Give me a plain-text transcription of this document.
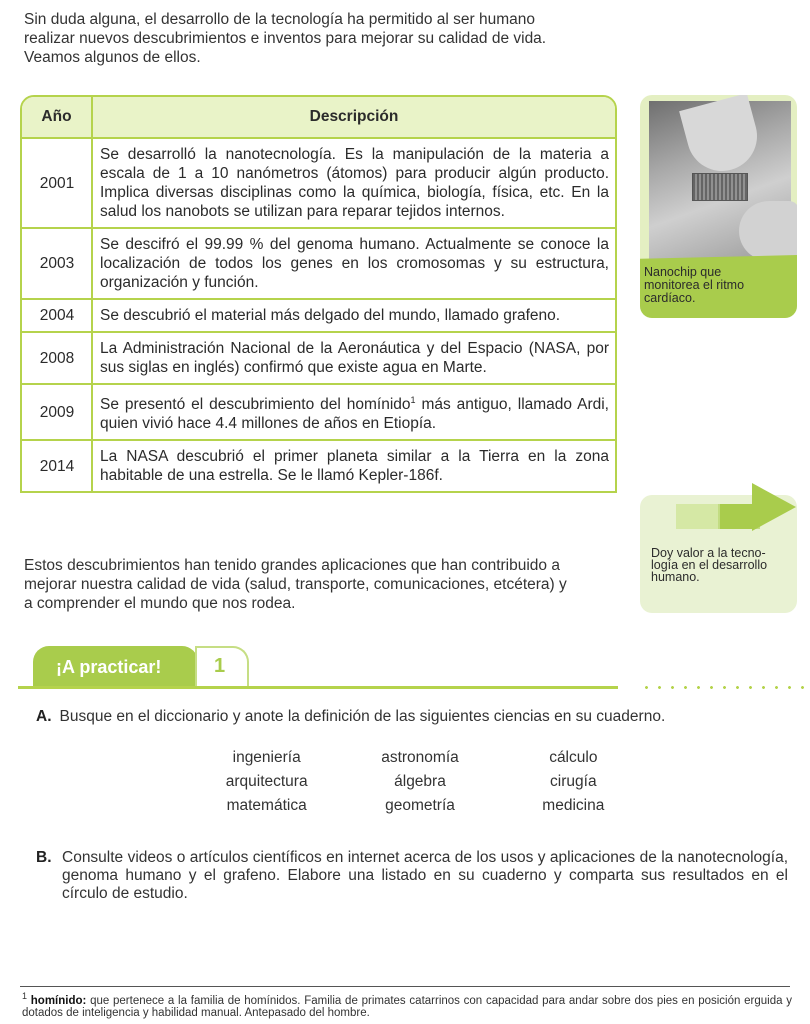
Sin duda alguna, el desarrollo de la tecnología ha permitido al ser humano
realizar nuevos descubrimientos e inventos para mejorar su calidad de vida.
Veamos algunos de ellos.
Año	Descripción
2001	Se desarrolló la nanotecnología. Es la manipulación de la materia a escala de 1 a 10 nanómetros (átomos) para producir algún producto. Implica diversas disciplinas como la química, biología, física, etc. En la salud los nanobots se utilizan para reparar tejidos internos.
2003	Se descifró el 99.99 % del genoma humano. Actualmente se conoce la localización de todos los genes en los cromosomas y su estructura, organización y función.
2004	Se descubrió el material más delgado del mundo, llamado grafeno.
2008	La Administración Nacional de la Aeronáutica y del Espacio (NASA, por sus siglas en inglés) confirmó que existe agua en Marte.
2009	Se presentó el descubrimiento del homínido$^1$ más antiguo, llamado Ardi, quien vivió hace 4.4 millones de años en Etiopía.
2014	La NASA descubrió el primer planeta similar a la Tierra en la zona habitable de una estrella. Se le llamó Kepler-186f.
Nanochip que
monitorea el ritmo
cardíaco.
Doy valor a la tecno-
logía en el desarrollo
humano.
Estos descubrimientos han tenido grandes aplicaciones que han contribuido a
mejorar nuestra calidad de vida (salud, transporte, comunicaciones, etcétera) y
a comprender el mundo que nos rodea.
¡A practicar!	1
A. Busque en el diccionario y anote la definición de las siguientes ciencias en su cuaderno.
ingeniería	astronomía	cálculo
arquitectura	álgebra	cirugía
matemática	geometría	medicina
B. Consulte videos o artículos científicos en internet acerca de los usos y aplicaciones de la nanotecnología, genoma humano y el grafeno. Elabore una listado en su cuaderno y comparta sus resultados en el círculo de estudio.
$^1$ homínido: que pertenece a la familia de homínidos. Familia de primates catarrinos con capacidad para andar sobre dos pies en posición erguida y dotados de inteligencia y habilidad manual. Antepasado del hombre.
